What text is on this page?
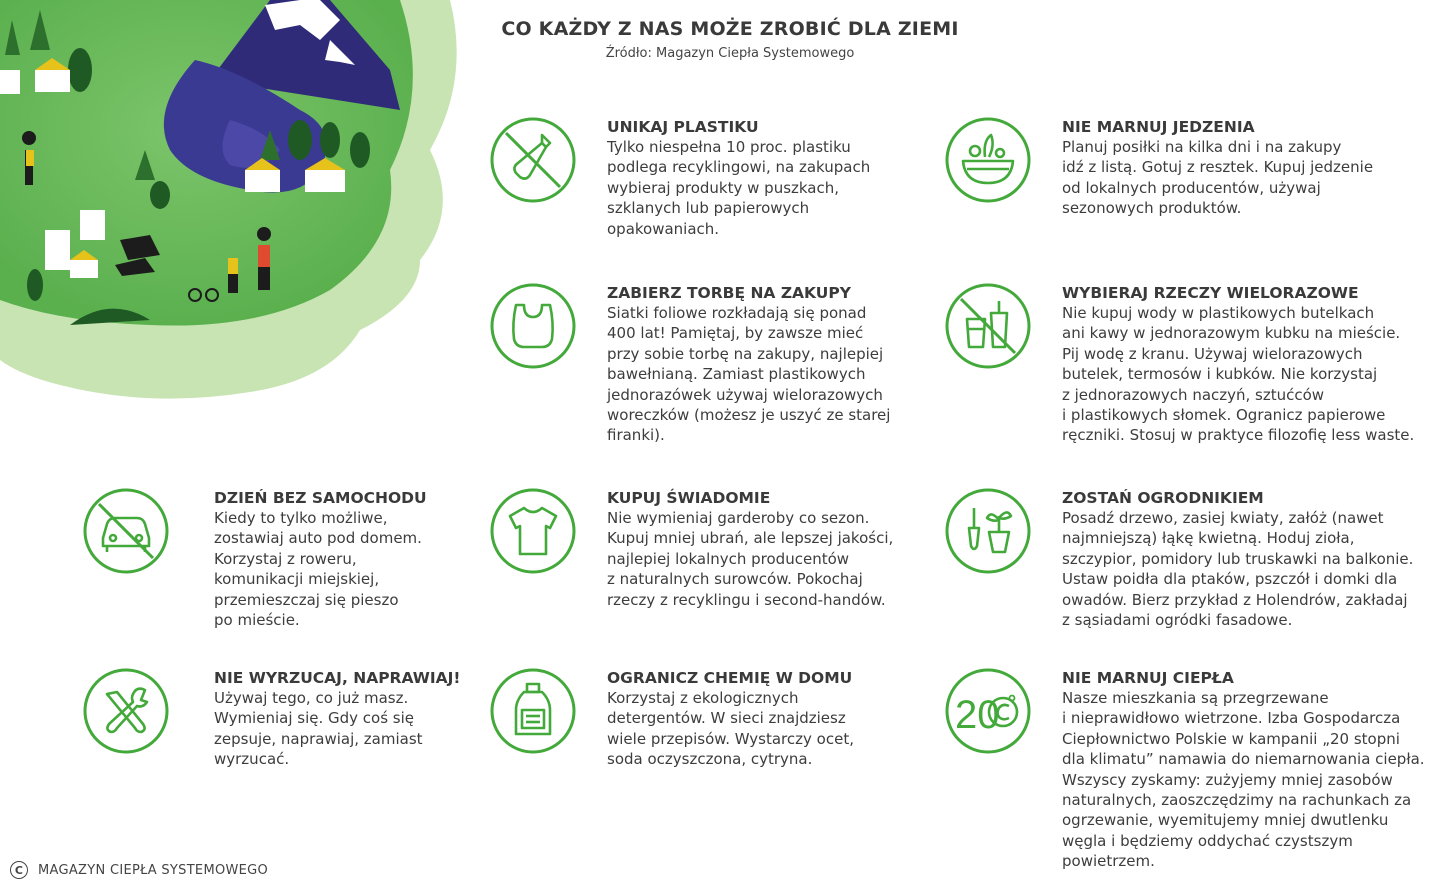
CO KAŻDY Z NAS MOŻE ZROBIĆ DLA ZIEMI
Źródło: Magazyn Ciepła Systemowego
UNIKAJ PLASTIKU

Tylko niespełna 10 proc. plastiku
podlega recyklingowi, na zakupach
wybieraj produkty w puszkach,
szklanych lub papierowych
opakowaniach.

NIE MARNUJ JEDZENIA

Planuj posiłki na kilka dni i na zakupy
idź z listą. Gotuj z resztek. Kupuj jedzenie
od lokalnych producentów, używaj
sezonowych produktów.

ZABIERZ TORBĘ NA ZAKUPY

Siatki foliowe rozkładają się ponad
400 lat! Pamiętaj, by zawsze mieć
przy sobie torbę na zakupy, najlepiej
bawełnianą. Zamiast plastikowych
jednorazówek używaj wielorazowych
woreczków (możesz je uszyć ze starej
firanki).

WYBIERAJ RZECZY WIELORAZOWE

Nie kupuj wody w plastikowych butelkach
ani kawy w jednorazowym kubku na mieście.
Pij wodę z kranu. Używaj wielorazowych
butelek, termosów i kubków. Nie korzystaj
z jednorazowych naczyń, sztućców
i plastikowych słomek. Ogranicz papierowe
ręczniki. Stosuj w praktyce filozofię less waste.

DZIEŃ BEZ SAMOCHODU

Kiedy to tylko możliwe,
zostawiaj auto pod domem.
Korzystaj z roweru,
komunikacji miejskiej,
przemieszczaj się pieszo
po mieście.

KUPUJ ŚWIADOMIE

Nie wymieniaj garderoby co sezon.
Kupuj mniej ubrań, ale lepszej jakości,
najlepiej lokalnych producentów
z naturalnych surowców. Pokochaj
rzeczy z recyklingu i second-handów.

ZOSTAŃ OGRODNIKIEM

Posadź drzewo, zasiej kwiaty, załóż (nawet
najmniejszą) łąkę kwietną. Hoduj zioła,
szczypior, pomidory lub truskawki na balkonie.
Ustaw poidła dla ptaków, pszczół i domki dla
owadów. Bierz przykład z Holendrów, zakładaj
z sąsiadami ogródki fasadowe.

NIE WYRZUCAJ, NAPRAWIAJ!

Używaj tego, co już masz.
Wymieniaj się. Gdy coś się
zepsuje, naprawiaj, zamiast
wyrzucać.

OGRANICZ CHEMIĘ W DOMU

Korzystaj z ekologicznych
detergentów. W sieci znajdziesz
wiele przepisów. Wystarczy ocet,
soda oczyszczona, cytryna.

20
NIE MARNUJ CIEPŁA

Nasze mieszkania są przegrzewane
i nieprawidłowo wietrzone. Izba Gospodarcza
Ciepłownictwo Polskie w kampanii „20 stopni
dla klimatu” namawia do niemarnowania ciepła.
Wszyscy zyskamy: zużyjemy mniej zasobów
naturalnych, zaoszczędzimy na rachunkach za
ogrzewanie, wyemitujemy mniej dwutlenku
węgla i będziemy oddychać czystszym
powietrzem.

C	MAGAZYN CIEPŁA SYSTEMOWEGO
